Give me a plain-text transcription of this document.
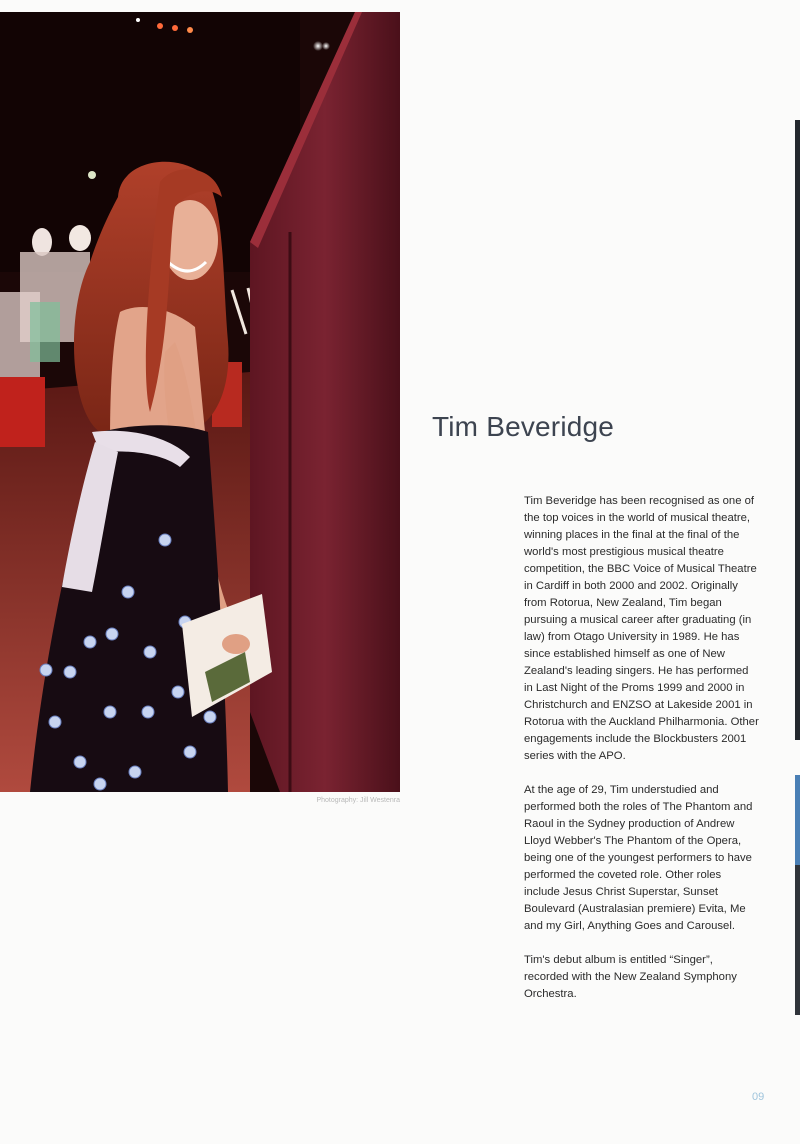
Photography: Jill Westenra
Tim Beveridge

Tim Beveridge has been recognised as one of the top voices in the world of musical theatre, winning places in the final at the final of the world's most prestigious musical theatre competition, the BBC Voice of Musical Theatre in Cardiff in both 2000 and 2002. Originally from Rotorua, New Zealand, Tim began pursuing a musical career after graduating (in law) from Otago University in 1989. He has since established himself as one of New Zealand's leading singers. He has performed in Last Night of the Proms 1999 and 2000 in Christchurch and ENZSO at Lakeside 2001 in Rotorua with the Auckland Philharmonia. Other engagements include the Blockbusters 2001 series with the APO.

At the age of 29, Tim understudied and performed both the roles of The Phantom and Raoul in the Sydney production of Andrew Lloyd Webber's The Phantom of the Opera, being one of the youngest performers to have performed the coveted role. Other roles include Jesus Christ Superstar, Sunset Boulevard (Australasian premiere) Evita, Me and my Girl, Anything Goes and Carousel.

Tim's debut album is entitled “Singer”, recorded with the New Zealand Symphony Orchestra.

09
